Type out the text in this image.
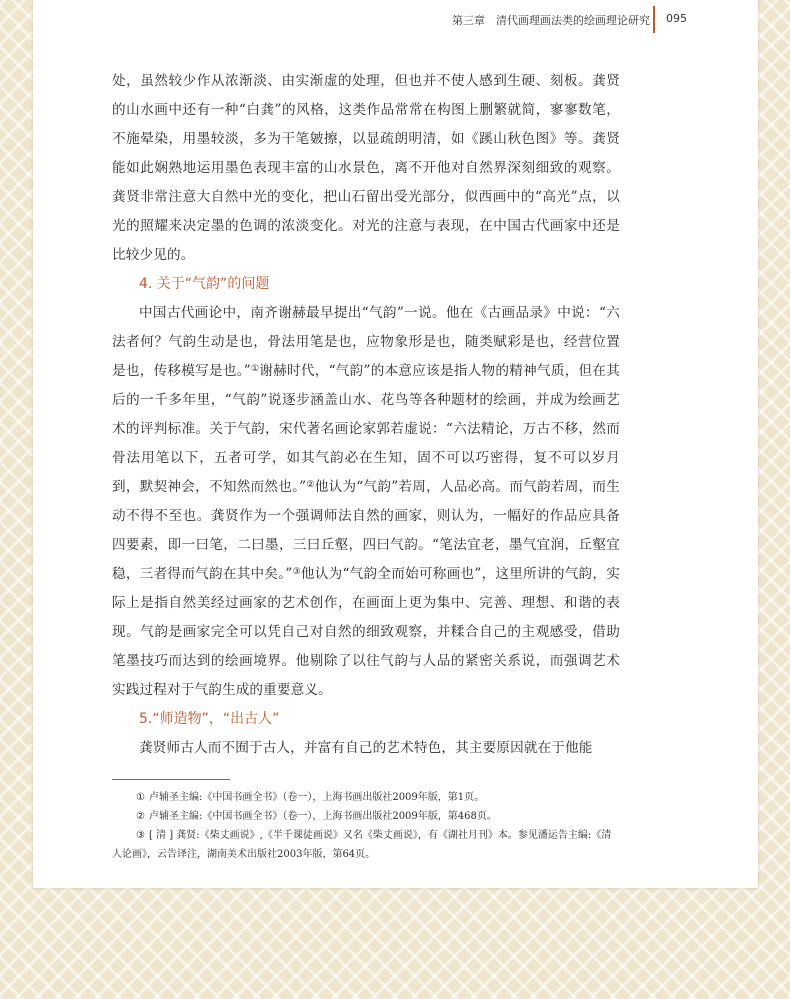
第三章　清代画理画法类的绘画理论研究 095

处，虽然较少作从浓渐淡、由实渐虚的处理，但也并不使人感到生硬、刻板。龚贤的山水画中还有一种“白龚”的风格，这类作品常常在构图上删繁就简，寥寥数笔，不施晕染，用墨较淡，多为干笔皴擦，以显疏朗明清，如《蹊山秋色图》等。龚贤能如此娴熟地运用墨色表现丰富的山水景色，离不开他对自然界深刻细致的观察。龚贤非常注意大自然中光的变化，把山石留出受光部分，似西画中的“高光”点，以光的照耀来决定墨的色调的浓淡变化。对光的注意与表现，在中国古代画家中还是比较少见的。

4. 关于“气韵”的问题

中国古代画论中，南齐谢赫最早提出“气韵”一说。他在《古画品录》中说：“六法者何？气韵生动是也，骨法用笔是也，应物象形是也，随类赋彩是也，经营位置是也，传移模写是也。”①谢赫时代，“气韵”的本意应该是指人物的精神气质，但在其后的一千多年里，“气韵”说逐步涵盖山水、花鸟等各种题材的绘画，并成为绘画艺术的评判标准。关于气韵，宋代著名画论家郭若虚说：“六法精论，万古不移，然而骨法用笔以下，五者可学，如其气韵必在生知，固不可以巧密得，复不可以岁月到，默契神会，不知然而然也。”②他认为“气韵”若周，人品必高。而气韵若周，而生动不得不至也。龚贤作为一个强调师法自然的画家，则认为，一幅好的作品应具备四要素，即一曰笔，二曰墨，三曰丘壑，四曰气韵。“笔法宜老，墨气宜润，丘壑宜稳，三者得而气韵在其中矣。”③他认为“气韵全而始可称画也”，这里所讲的气韵，实际上是指自然美经过画家的艺术创作，在画面上更为集中、完善、理想、和谐的表现。气韵是画家完全可以凭自己对自然的细致观察，并糅合自己的主观感受，借助笔墨技巧而达到的绘画境界。他剔除了以往气韵与人品的紧密关系说，而强调艺术实践过程对于气韵生成的重要意义。

5.“师造物”，“出古人”

龚贤师古人而不囿于古人，并富有自己的艺术特色，其主要原因就在于他能

① 卢辅圣主编:《中国书画全书》（卷一），上海书画出版社2009年版，第1页。

② 卢辅圣主编:《中国书画全书》（卷一），上海书画出版社2009年版，第468页。

③ [ 清 ] 龚贤:《柴丈画说》,《半千课徒画说》又名《柴丈画说》，有《湖社月刊》本。参见潘运告主编:《清人论画》，云告译注，湖南美术出版社2003年版，第64页。
